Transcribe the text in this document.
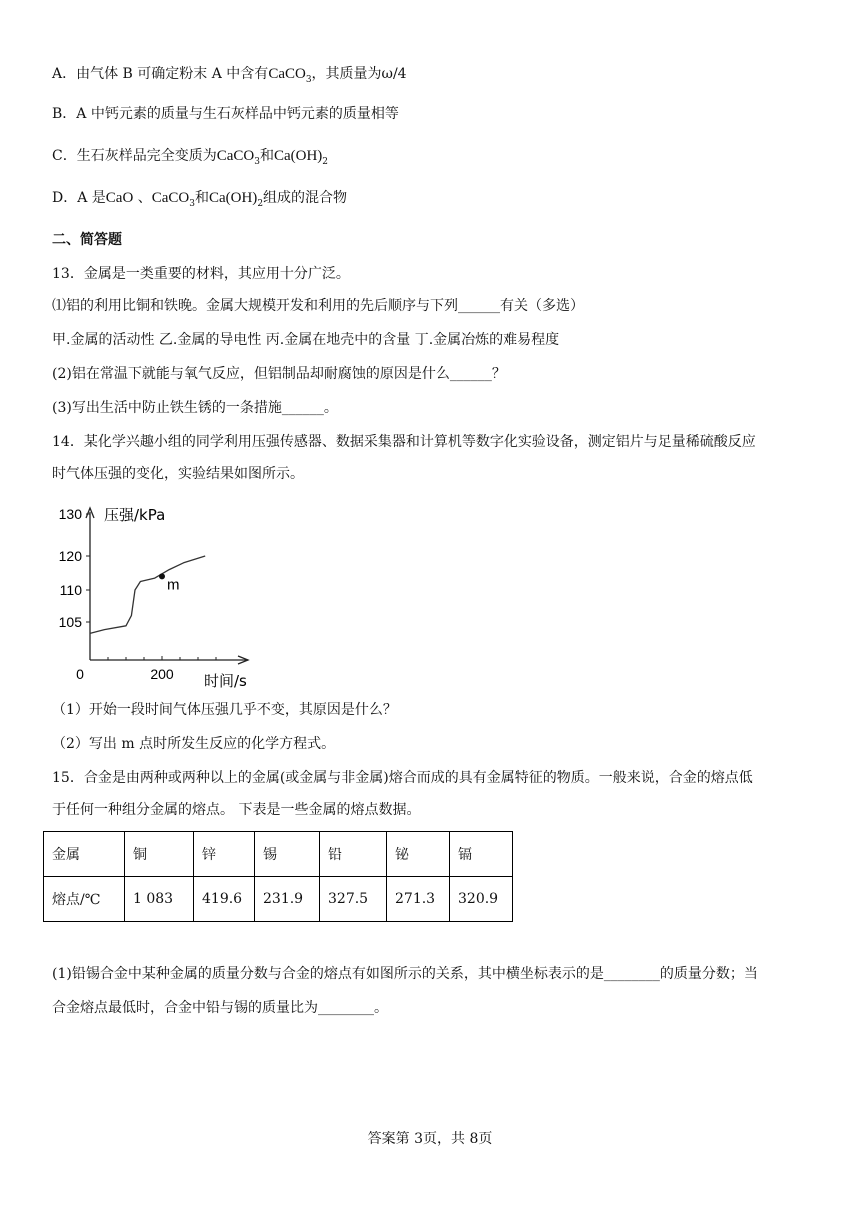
A．由气体 B 可确定粉末 A 中含有CaCO$_3$，其质量为ω/4
B．A 中钙元素的质量与生石灰样品中钙元素的质量相等
C．生石灰样品完全变质为CaCO$_3$和$Ca(OH)_2$
D．A 是CaO 、CaCO$_3$和$Ca(OH)_2$组成的混合物
二、简答题
13．金属是一类重要的材料，其应用十分广泛。
⑴铝的利用比铜和铁晚。金属大规模开发和利用的先后顺序与下列______有关（多选）
甲.金属的活动性 乙.金属的导电性 丙.金属在地壳中的含量 丁.金属冶炼的难易程度
(2)铝在常温下就能与氧气反应，但铝制品却耐腐蚀的原因是什么______？
(3)写出生活中防止铁生锈的一条措施______。
14．某化学兴趣小组的同学利用压强传感器、数据采集器和计算机等数字化实验设备，测定铝片与足量稀硫酸反应
时气体压强的变化，实验结果如图所示。
130
120
110
105
0	200
压强/kPa
时间/s
m
（1）开始一段时间气体压强几乎不变，其原因是什么？
（2）写出 m 点时所发生反应的化学方程式。
15．合金是由两种或两种以上的金属(或金属与非金属)熔合而成的具有金属特征的物质。一般来说，合金的熔点低
于任何一种组分金属的熔点。 下表是一些金属的熔点数据。
金属	铜	锌	锡	铅	铋	镉
熔点/℃	1 083	419.6	231.9	327.5	271.3	320.9
(1)铅锡合金中某种金属的质量分数与合金的熔点有如图所示的关系，其中横坐标表示的是________的质量分数；当
合金熔点最低时，合金中铅与锡的质量比为________。
答案第 3页，共 8页
